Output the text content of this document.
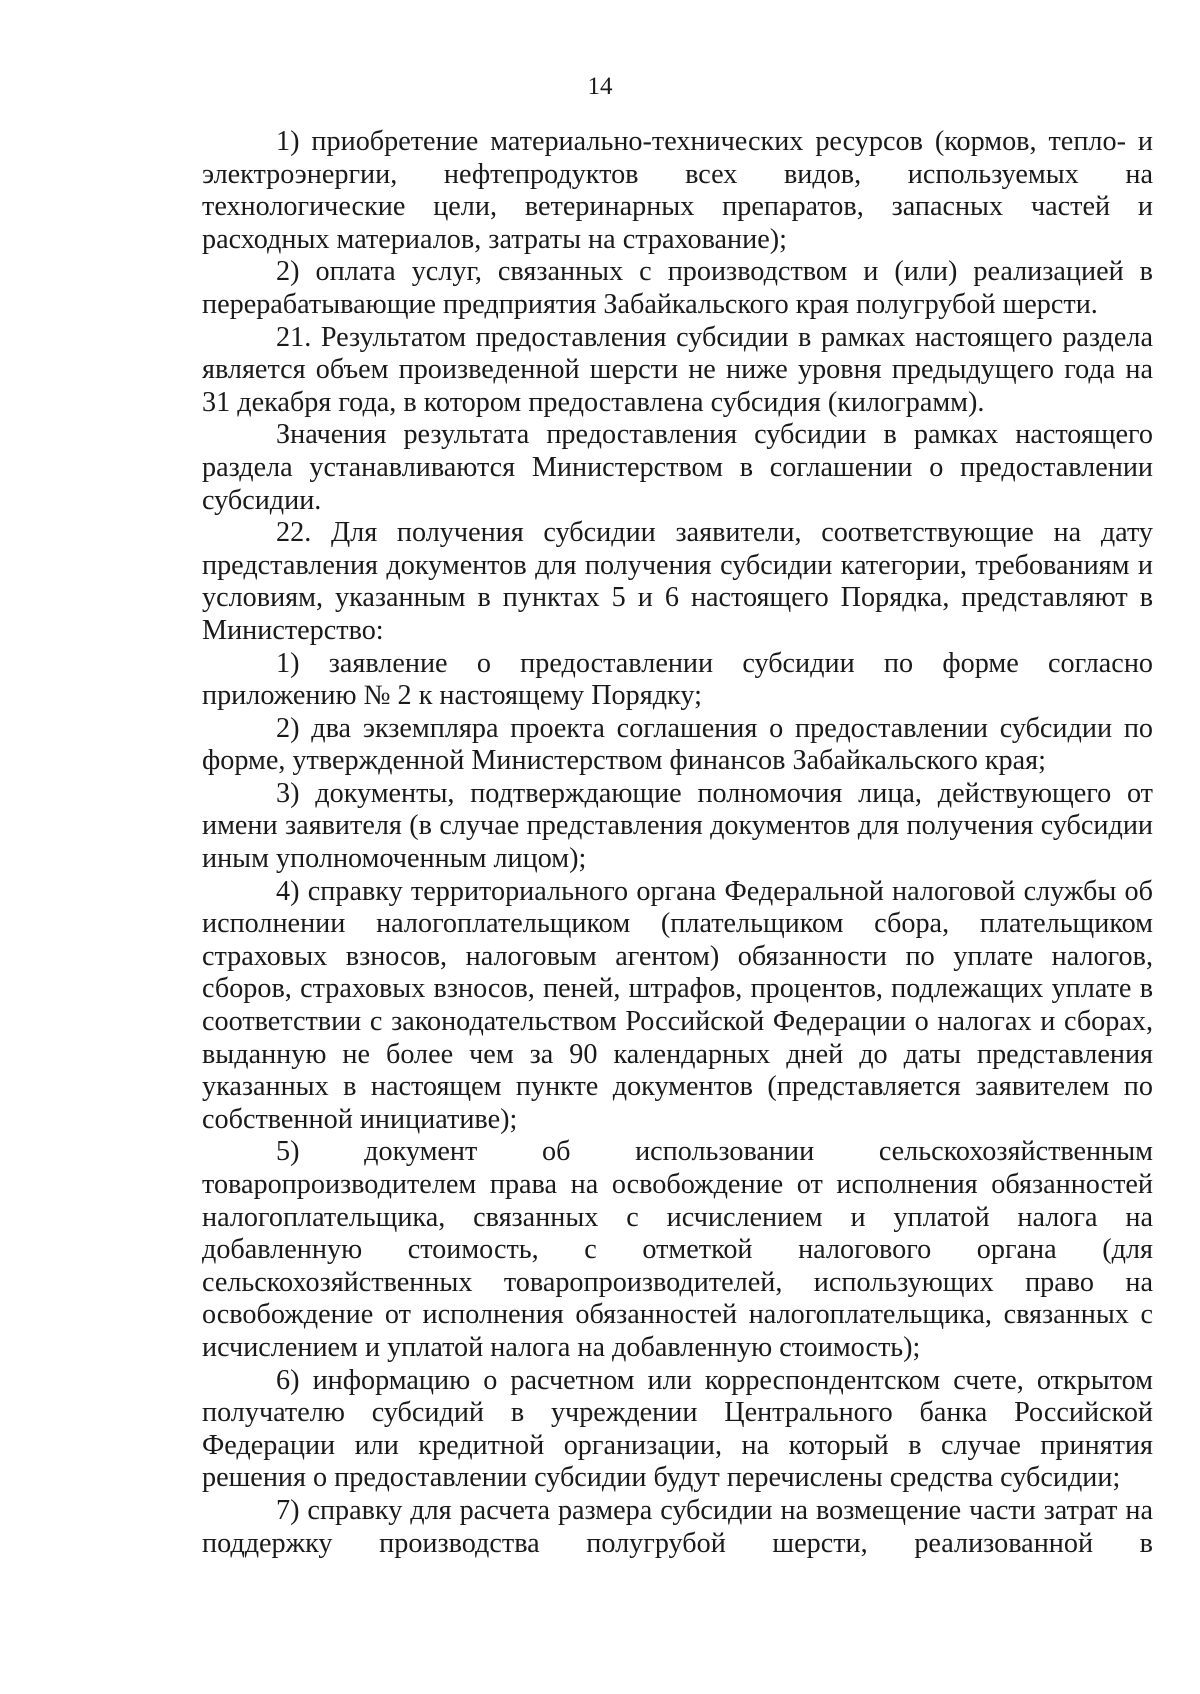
14

1) приобретение материально-технических ресурсов (кормов, тепло- и электроэнергии, нефтепродуктов всех видов, используемых на технологические цели, ветеринарных препаратов, запасных частей и расходных материалов, затраты на страхование);

2) оплата услуг, связанных с производством и (или) реализацией в перерабатывающие предприятия Забайкальского края полугрубой шерсти.

21. Результатом предоставления субсидии в рамках настоящего раздела является объем произведенной шерсти не ниже уровня предыдущего года на 31 декабря года, в котором предоставлена субсидия (килограмм).

Значения результата предоставления субсидии в рамках настоящего раздела устанавливаются Министерством в соглашении о предоставлении субсидии.

22. Для получения субсидии заявители, соответствующие на дату представления документов для получения субсидии категории, требованиям и условиям, указанным в пунктах 5 и 6 настоящего Порядка, представляют в Министерство:

1) заявление о предоставлении субсидии по форме согласно приложению № 2 к настоящему Порядку;

2) два экземпляра проекта соглашения о предоставлении субсидии по форме, утвержденной Министерством финансов Забайкальского края;

3) документы, подтверждающие полномочия лица, действующего от имени заявителя (в случае представления документов для получения субсидии иным уполномоченным лицом);

4) справку территориального органа Федеральной налоговой службы об исполнении налогоплательщиком (плательщиком сбора, плательщиком страховых взносов, налоговым агентом) обязанности по уплате налогов, сборов, страховых взносов, пеней, штрафов, процентов, подлежащих уплате в соответствии с законодательством Российской Федерации о налогах и сборах, выданную не более чем за 90 календарных дней до даты представления указанных в настоящем пункте документов (представляется заявителем по собственной инициативе);

5) документ об использовании сельскохозяйственным товаропроизводителем права на освобождение от исполнения обязанностей налогоплательщика, связанных с исчислением и уплатой налога на добавленную стоимость, с отметкой налогового органа (для сельскохозяйственных товаропроизводителей, использующих право на освобождение от исполнения обязанностей налогоплательщика, связанных с исчислением и уплатой налога на добавленную стоимость);

6) информацию о расчетном или корреспондентском счете, открытом получателю субсидий в учреждении Центрального банка Российской Федерации или кредитной организации, на который в случае принятия решения о предоставлении субсидии будут перечислены средства субсидии;

7) справку для расчета размера субсидии на возмещение части затрат на поддержку производства полугрубой шерсти, реализованной в
